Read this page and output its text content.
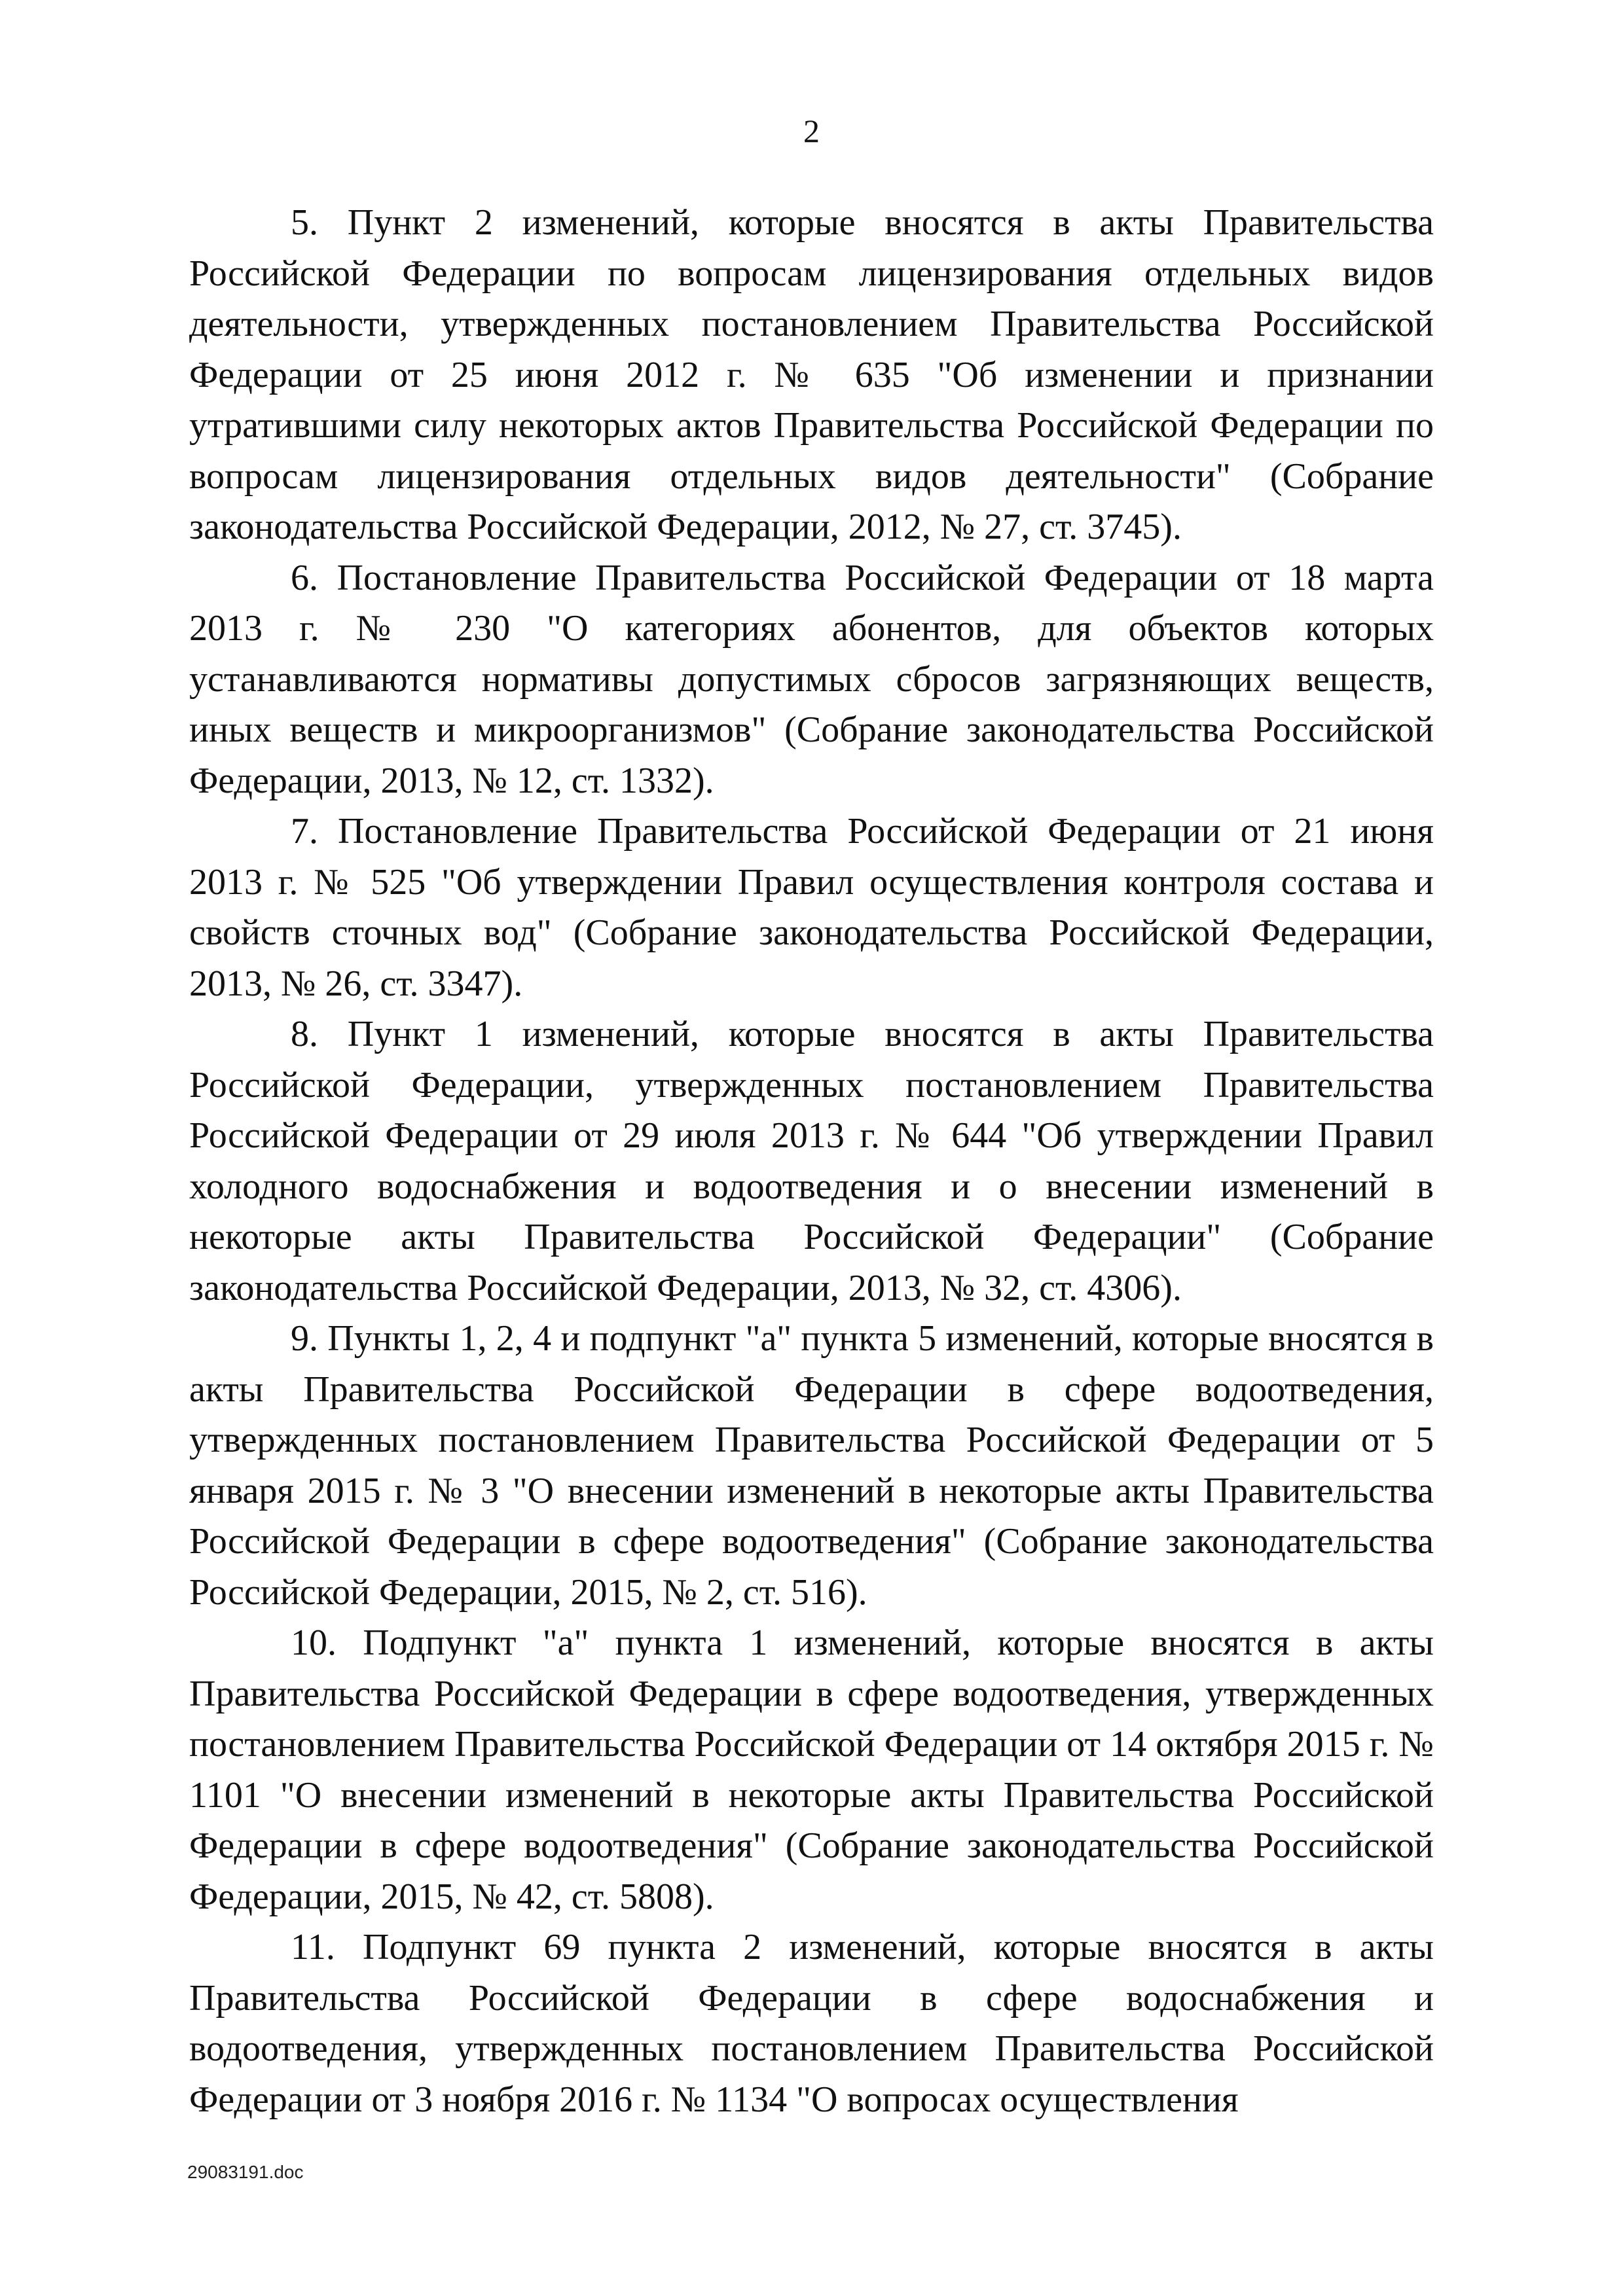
2

5. Пункт 2 изменений, которые вносятся в акты Правительства Российской Федерации по вопросам лицензирования отдельных видов деятельности, утвержденных постановлением Правительства Российской Федерации от 25 июня 2012 г. № 635 "Об изменении и признании утратившими силу некоторых актов Правительства Российской Федерации по вопросам лицензирования отдельных видов деятельности" (Собрание законодательства Российской Федерации, 2012, № 27, ст. 3745).

6. Постановление Правительства Российской Федерации от 18 марта 2013 г. № 230 "О категориях абонентов, для объектов которых устанавливаются нормативы допустимых сбросов загрязняющих веществ, иных веществ и микроорганизмов" (Собрание законодательства Российской Федерации, 2013, № 12, ст. 1332).

7. Постановление Правительства Российской Федерации от 21 июня 2013 г. № 525 "Об утверждении Правил осуществления контроля состава и свойств сточных вод" (Собрание законодательства Российской Федерации, 2013, № 26, ст. 3347).

8. Пункт 1 изменений, которые вносятся в акты Правительства Российской Федерации, утвержденных постановлением Правительства Российской Федерации от 29 июля 2013 г. № 644 "Об утверждении Правил холодного водоснабжения и водоотведения и о внесении изменений в некоторые акты Правительства Российской Федерации" (Собрание законодательства Российской Федерации, 2013, № 32, ст. 4306).

9. Пункты 1, 2, 4 и подпункт "а" пункта 5 изменений, которые вносятся в акты Правительства Российской Федерации в сфере водоотведения, утвержденных постановлением Правительства Российской Федерации от 5 января 2015 г. № 3 "О внесении изменений в некоторые акты Правительства Российской Федерации в сфере водоотведения" (Собрание законодательства Российской Федерации, 2015, № 2, ст. 516).

10. Подпункт "а" пункта 1 изменений, которые вносятся в акты Правительства Российской Федерации в сфере водоотведения, утвержденных постановлением Правительства Российской Федерации от 14 октября 2015 г. № 1101 "О внесении изменений в некоторые акты Правительства Российской Федерации в сфере водоотведения" (Собрание законодательства Российской Федерации, 2015, № 42, ст. 5808).

11. Подпункт 69 пункта 2 изменений, которые вносятся в акты Правительства Российской Федерации в сфере водоснабжения и водоотведения, утвержденных постановлением Правительства Российской Федерации от 3 ноября 2016 г. № 1134 "О вопросах осуществления

29083191.doc
